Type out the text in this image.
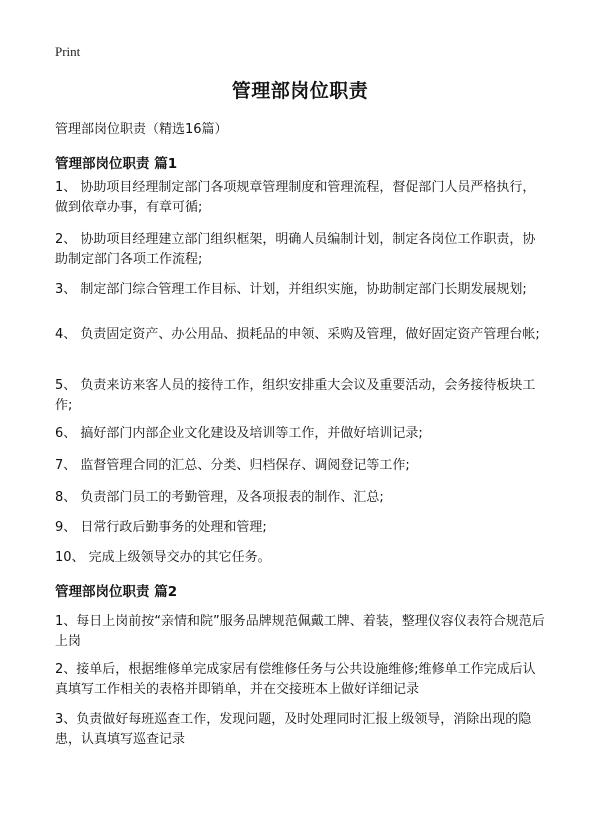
Print
管理部岗位职责
管理部岗位职责（精选16篇）
管理部岗位职责 篇1
1、 协助项目经理制定部门各项规章管理制度和管理流程，督促部门人员严格执行，做到依章办事，有章可循;
2、 协助项目经理建立部门组织框架，明确人员编制计划，制定各岗位工作职责，协助制定部门各项工作流程;
3、 制定部门综合管理工作目标、计划，并组织实施，协助制定部门长期发展规划;
4、 负责固定资产、办公用品、损耗品的申领、采购及管理，做好固定资产管理台帐;
5、 负责来访来客人员的接待工作，组织安排重大会议及重要活动，会务接待板块工作;
6、 搞好部门内部企业文化建设及培训等工作，并做好培训记录;
7、 监督管理合同的汇总、分类、归档保存、调阅登记等工作;
8、 负责部门员工的考勤管理，及各项报表的制作、汇总;
9、 日常行政后勤事务的处理和管理;
10、 完成上级领导交办的其它任务。
管理部岗位职责 篇2
1、每日上岗前按“亲情和院”服务品牌规范佩戴工牌、着装，整理仪容仪表符合规范后上岗
2、接单后，根据维修单完成家居有偿维修任务与公共设施维修;维修单工作完成后认真填写工作相关的表格并即销单，并在交接班本上做好详细记录
3、负责做好每班巡查工作，发现问题，及时处理同时汇报上级领导，消除出现的隐患，认真填写巡查记录
